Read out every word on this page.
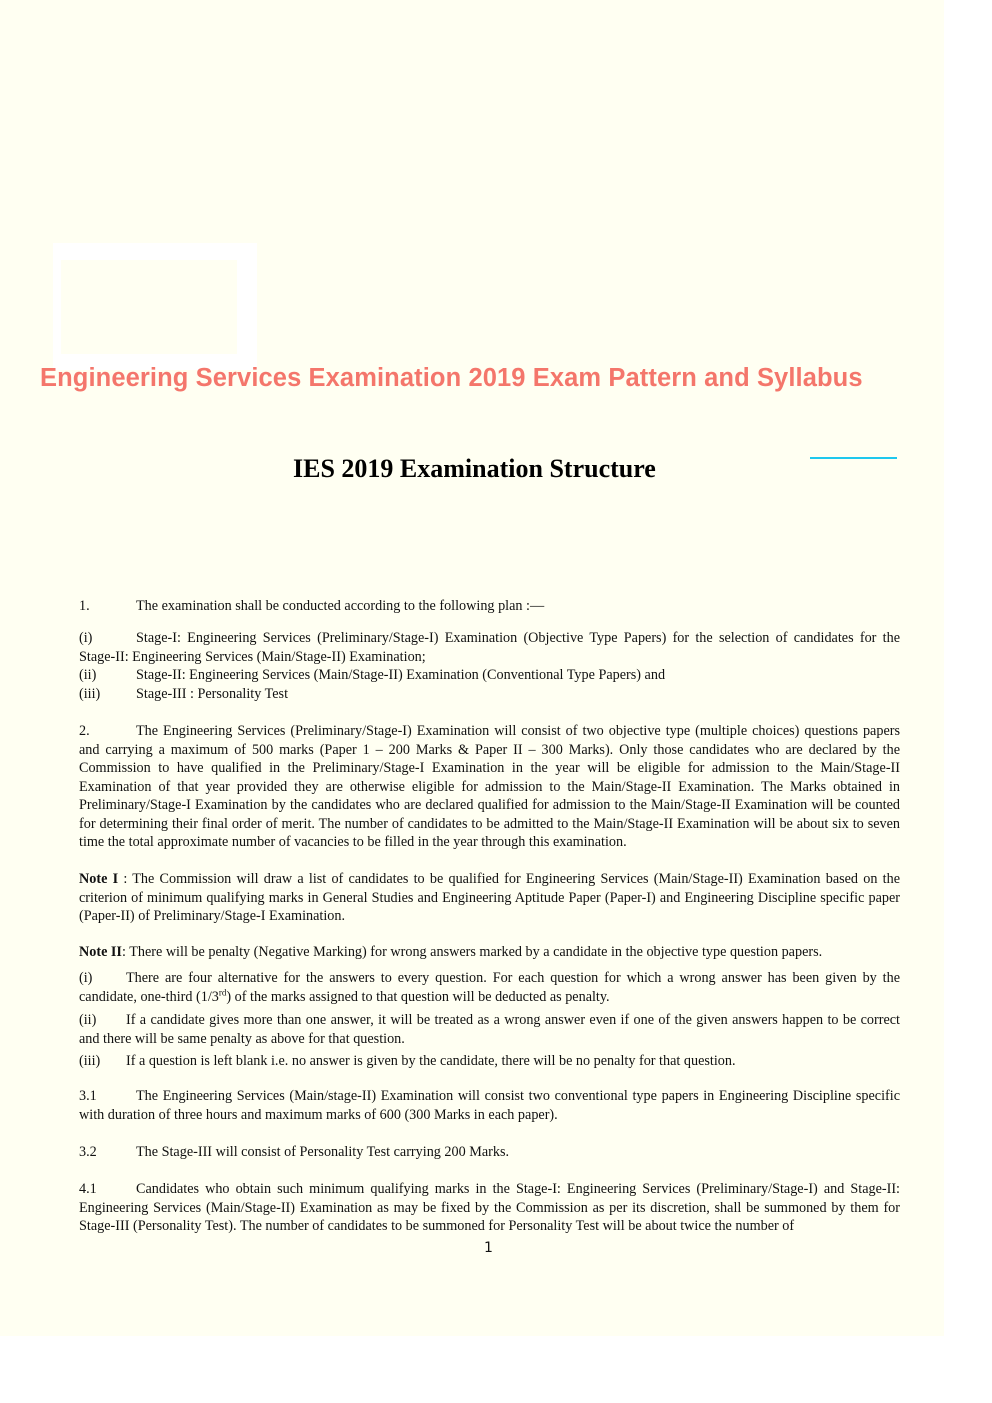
Engineering Services Examination 2019 Exam Pattern and Syllabus
IES 2019 Examination Structure
1.	The examination shall be conducted according to the following plan :—
(i)	Stage-I: Engineering Services (Preliminary/Stage-I) Examination (Objective Type Papers) for the selection of candidates for the Stage-II: Engineering Services (Main/Stage-II) Examination;
(ii)	Stage-II: Engineering Services (Main/Stage-II) Examination (Conventional Type Papers) and
(iii)	Stage-III : Personality Test
2.	The Engineering Services (Preliminary/Stage-I) Examination will consist of two objective type (multiple choices) questions papers and carrying a maximum of 500 marks (Paper 1 – 200 Marks & Paper II – 300 Marks). Only those candidates who are declared by the Commission to have qualified in the Preliminary/Stage-I Examination in the year will be eligible for admission to the Main/Stage-II Examination of that year provided they are otherwise eligible for admission to the Main/Stage-II Examination. The Marks obtained in Preliminary/Stage-I Examination by the candidates who are declared qualified for admission to the Main/Stage-II Examination will be counted for determining their final order of merit. The number of candidates to be admitted to the Main/Stage-II Examination will be about six to seven time the total approximate number of vacancies to be filled in the year through this examination.
Note I : The Commission will draw a list of candidates to be qualified for Engineering Services (Main/Stage-II) Examination based on the criterion of minimum qualifying marks in General Studies and Engineering Aptitude Paper (Paper-I) and Engineering Discipline specific paper (Paper-II) of Preliminary/Stage-I Examination.
Note II: There will be penalty (Negative Marking) for wrong answers marked by a candidate in the objective type question papers.
(i) There are four alternative for the answers to every question. For each question for which a wrong answer has been given by the candidate, one-third (1/3rd) of the marks assigned to that question will be deducted as penalty.
(ii) If a candidate gives more than one answer, it will be treated as a wrong answer even if one of the given answers happen to be correct and there will be same penalty as above for that question.
(iii) If a question is left blank i.e. no answer is given by the candidate, there will be no penalty for that question.
3.1	The Engineering Services (Main/stage-II) Examination will consist two conventional type papers in Engineering Discipline specific with duration of three hours and maximum marks of 600 (300 Marks in each paper).
3.2	The Stage-III will consist of Personality Test carrying 200 Marks.
4.1	Candidates who obtain such minimum qualifying marks in the Stage-I: Engineering Services (Preliminary/Stage-I) and Stage-II: Engineering Services (Main/Stage-II) Examination as may be fixed by the Commission as per its discretion, shall be summoned by them for Stage-III (Personality Test). The number of candidates to be summoned for Personality Test will be about twice the number of
1
